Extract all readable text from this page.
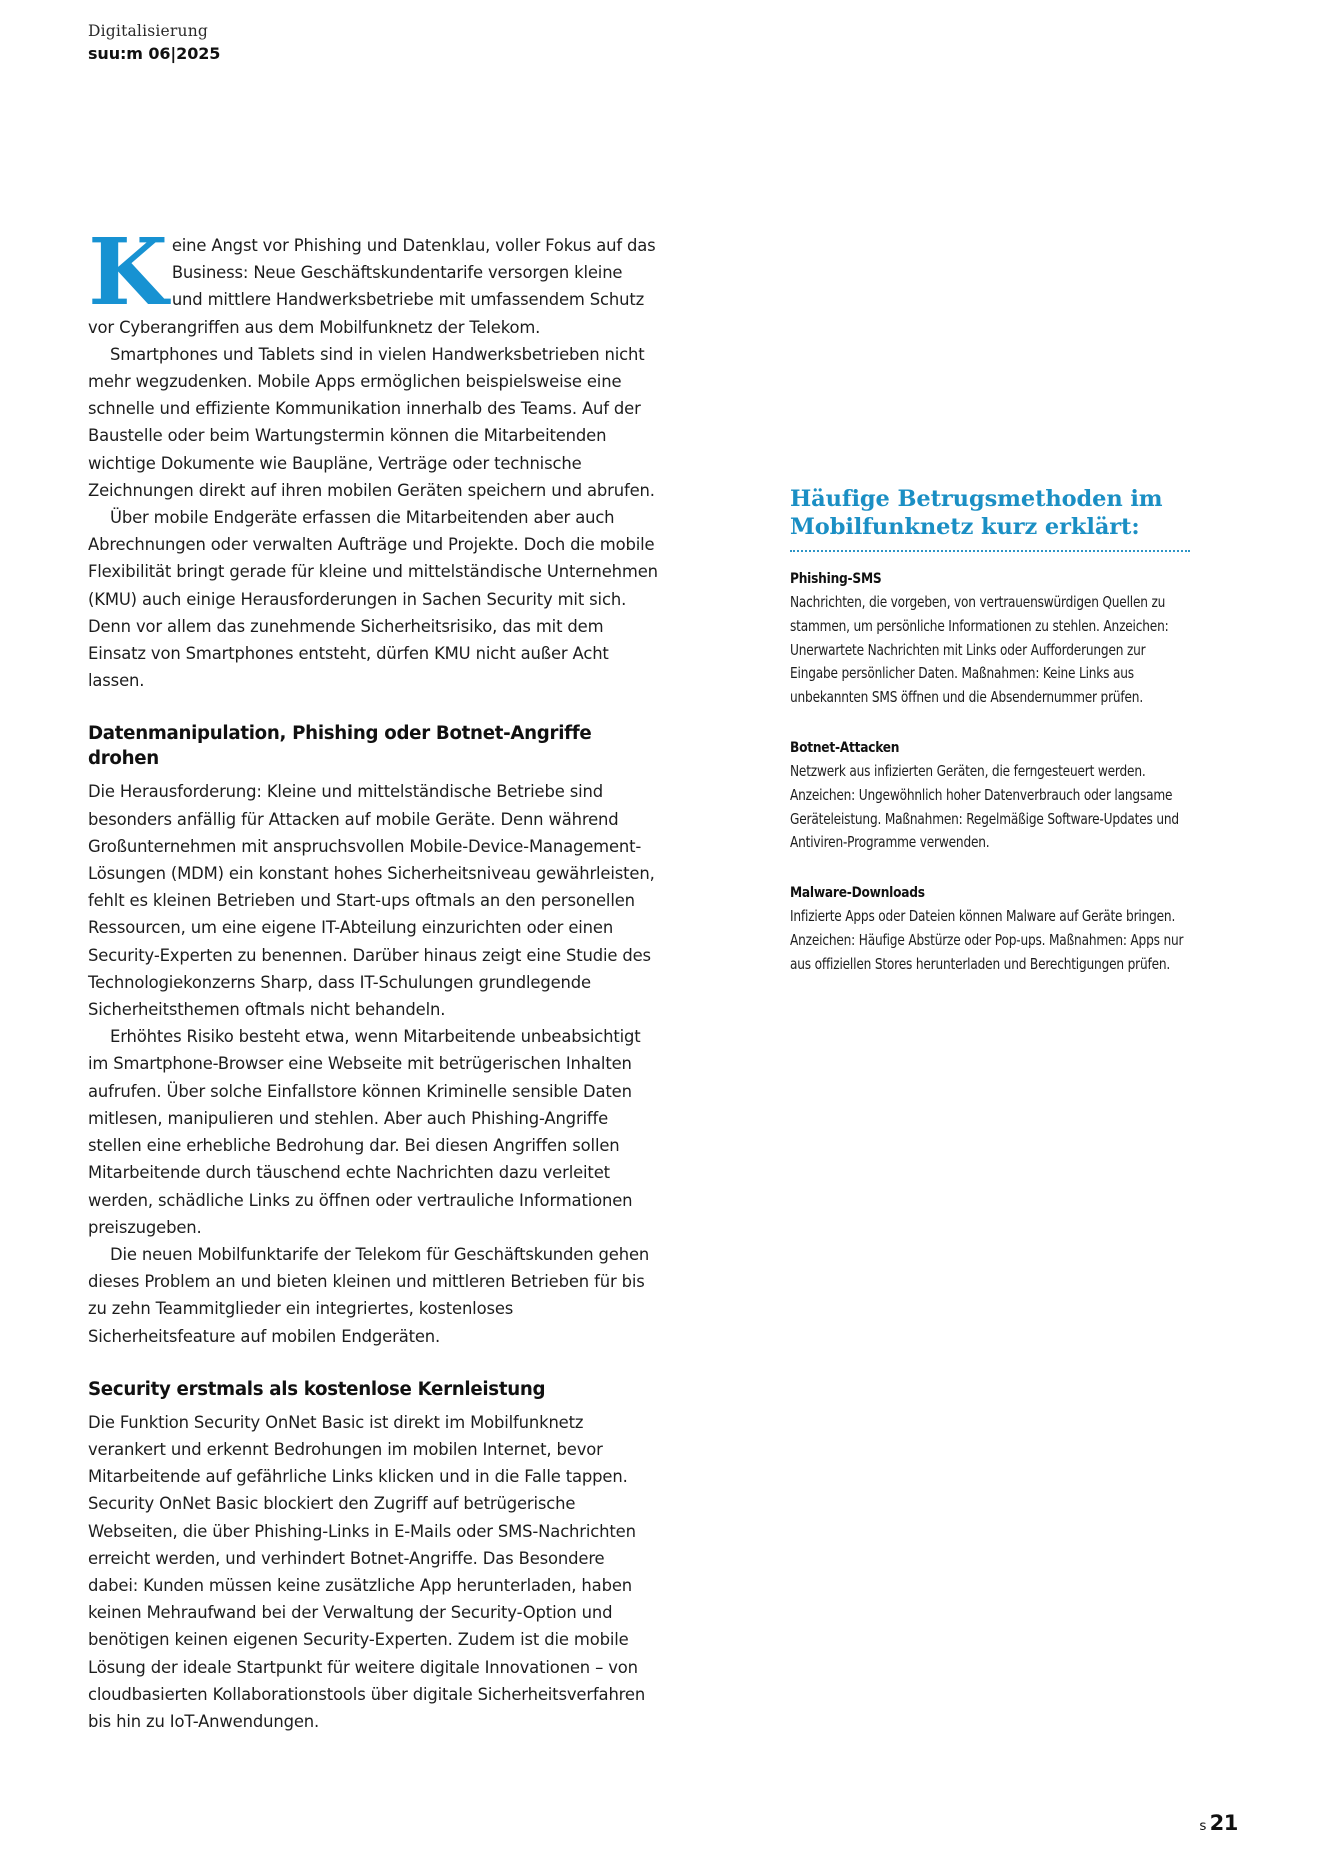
Digitalisierung
suu:m 06|2025

Keine Angst vor Phishing und Datenklau, voller Fokus auf das Business: Neue Geschäftskundentarife versorgen kleine und mittlere Handwerksbetriebe mit umfassendem Schutz vor Cyberangriffen aus dem Mobilfunknetz der Telekom.

Smartphones und Tablets sind in vielen Handwerksbetrieben nicht mehr wegzudenken. Mobile Apps ermöglichen beispielsweise eine schnelle und effiziente Kommunikation innerhalb des Teams. Auf der Baustelle oder beim Wartungstermin können die Mitarbeitenden wichtige Dokumente wie Baupläne, Verträge oder technische Zeichnungen direkt auf ihren mobilen Geräten speichern und abrufen.

Über mobile Endgeräte erfassen die Mitarbeitenden aber auch Abrechnungen oder verwalten Aufträge und Projekte. Doch die mobile Flexibilität bringt gerade für kleine und mittelständische Unternehmen (KMU) auch einige Herausforderungen in Sachen Security mit sich. Denn vor allem das zunehmende Sicherheitsrisiko, das mit dem Einsatz von Smartphones entsteht, dürfen KMU nicht außer Acht lassen.

Datenmanipulation, Phishing oder Botnet-Angriffe drohen

Die Herausforderung: Kleine und mittelständische Betriebe sind besonders anfällig für Attacken auf mobile Geräte. Denn während Großunternehmen mit anspruchsvollen Mobile-Device-Management-Lösungen (MDM) ein konstant hohes Sicherheitsniveau gewährleisten, fehlt es kleinen Betrieben und Start-ups oftmals an den personellen Ressourcen, um eine eigene IT-Abteilung einzurichten oder einen Security-Experten zu benennen. Darüber hinaus zeigt eine Studie des Technologiekonzerns Sharp, dass IT-Schulungen grundlegende Sicherheitsthemen oftmals nicht behandeln.

Erhöhtes Risiko besteht etwa, wenn Mitarbeitende unbeabsichtigt im Smartphone-Browser eine Webseite mit betrügerischen Inhalten aufrufen. Über solche Einfallstore können Kriminelle sensible Daten mitlesen, manipulieren und stehlen. Aber auch Phishing-Angriffe stellen eine erhebliche Bedrohung dar. Bei diesen Angriffen sollen Mitarbeitende durch täuschend echte Nachrichten dazu verleitet werden, schädliche Links zu öffnen oder vertrauliche Informationen preiszugeben.

Die neuen Mobilfunktarife der Telekom für Geschäftskunden gehen dieses Problem an und bieten kleinen und mittleren Betrieben für bis zu zehn Teammitglieder ein integriertes, kostenloses Sicherheitsfeature auf mobilen Endgeräten.

Security erstmals als kostenlose Kernleistung

Die Funktion Security OnNet Basic ist direkt im Mobilfunknetz verankert und erkennt Bedrohungen im mobilen Internet, bevor Mitarbeitende auf gefährliche Links klicken und in die Falle tappen. Security OnNet Basic blockiert den Zugriff auf betrügerische Webseiten, die über Phishing-Links in E-Mails oder SMS-Nachrichten erreicht werden, und verhindert Botnet-Angriffe. Das Besondere dabei: Kunden müssen keine zusätzliche App herunterladen, haben keinen Mehraufwand bei der Verwaltung der Security-Option und benötigen keinen eigenen Security-Experten. Zudem ist die mobile Lösung der ideale Startpunkt für weitere digitale Innovationen – von cloudbasierten Kollaborationstools über digitale Sicherheitsverfahren bis hin zu IoT-Anwendungen.

Häufige Betrugsmethoden im Mobilfunknetz kurz erklärt:
Phishing-SMS

Nachrichten, die vorgeben, von vertrauenswürdigen Quellen zu stammen, um persönliche Informationen zu stehlen. Anzeichen: Unerwartete Nachrichten mit Links oder Aufforderungen zur Eingabe persönlicher Daten. Maßnahmen: Keine Links aus unbekannten SMS öffnen und die Absendernummer prüfen.

Botnet-Attacken

Netzwerk aus infizierten Geräten, die ferngesteuert werden. Anzeichen: Ungewöhnlich hoher Datenverbrauch oder langsame Geräteleistung. Maßnahmen: Regelmäßige Software-Updates und Antiviren-Programme verwenden.

Malware-Downloads

Infizierte Apps oder Dateien können Malware auf Geräte bringen. Anzeichen: Häufige Abstürze oder Pop-ups. Maßnahmen: Apps nur aus offiziellen Stores herunterladen und Berechtigungen prüfen.

s 21
